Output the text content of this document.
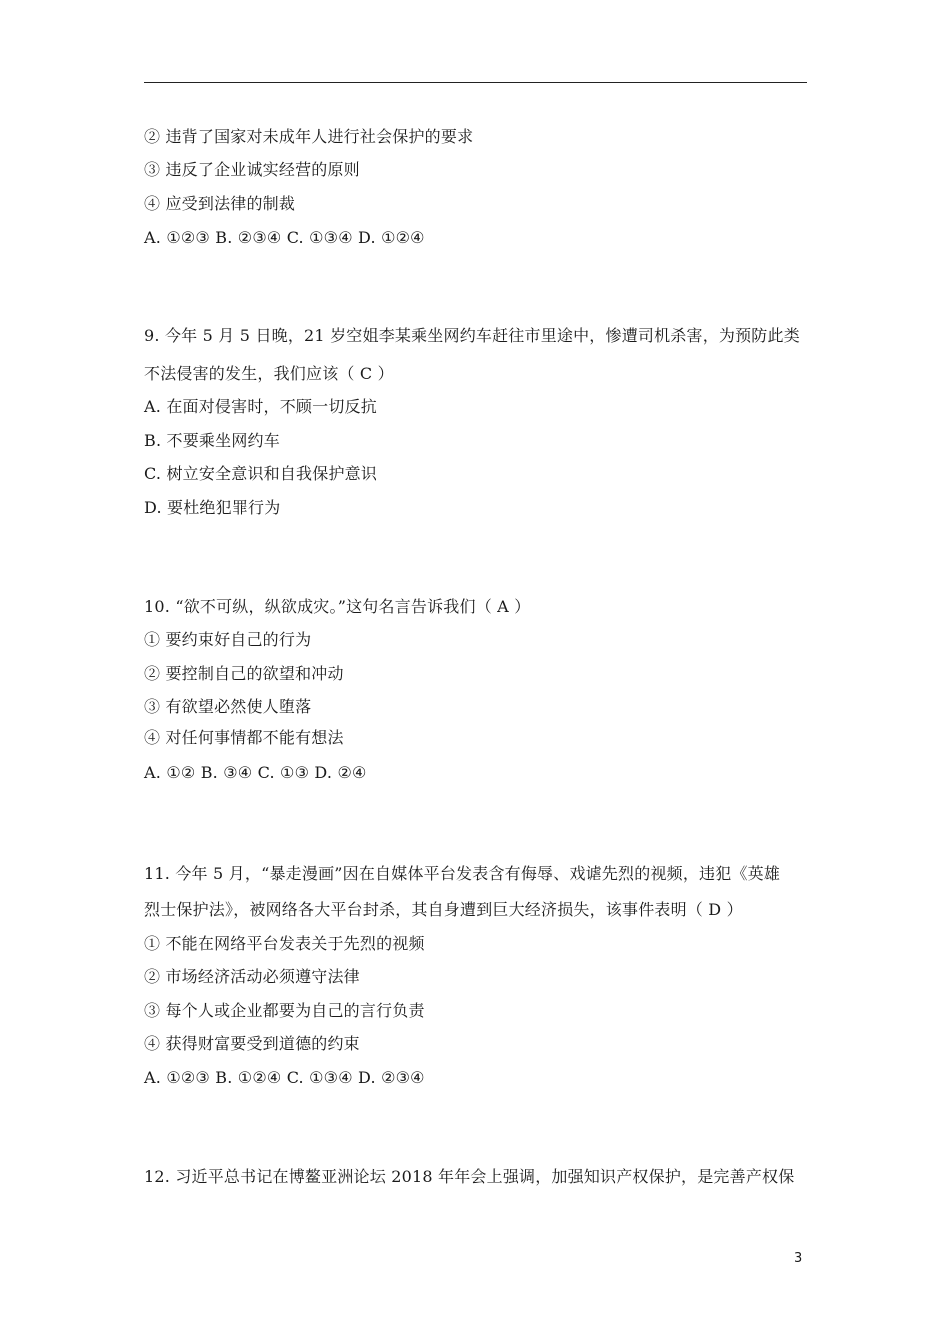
② 违背了国家对未成年人进行社会保护的要求
③ 违反了企业诚实经营的原则
④ 应受到法律的制裁
A. ①②③ B. ②③④ C. ①③④ D. ①②④
9. 今年 5 月 5 日晚，21 岁空姐李某乘坐网约车赶往市里途中，惨遭司机杀害，为预防此类
不法侵害的发生，我们应该（ C ）
A. 在面对侵害时，不顾一切反抗
B. 不要乘坐网约车
C. 树立安全意识和自我保护意识
D. 要杜绝犯罪行为
10. “欲不可纵，纵欲成灾。”这句名言告诉我们（ A ）
① 要约束好自己的行为
② 要控制自己的欲望和冲动
③ 有欲望必然使人堕落
④ 对任何事情都不能有想法
A. ①② B. ③④ C. ①③ D. ②④
11. 今年 5 月，“暴走漫画”因在自媒体平台发表含有侮辱、戏谑先烈的视频，违犯《英雄
烈士保护法》，被网络各大平台封杀，其自身遭到巨大经济损失，该事件表明（ D ）
① 不能在网络平台发表关于先烈的视频
② 市场经济活动必须遵守法律
③ 每个人或企业都要为自己的言行负责
④ 获得财富要受到道德的约束
A. ①②③ B. ①②④ C. ①③④ D. ②③④
12. 习近平总书记在博鳌亚洲论坛 2018 年年会上强调，加强知识产权保护，是完善产权保
3
